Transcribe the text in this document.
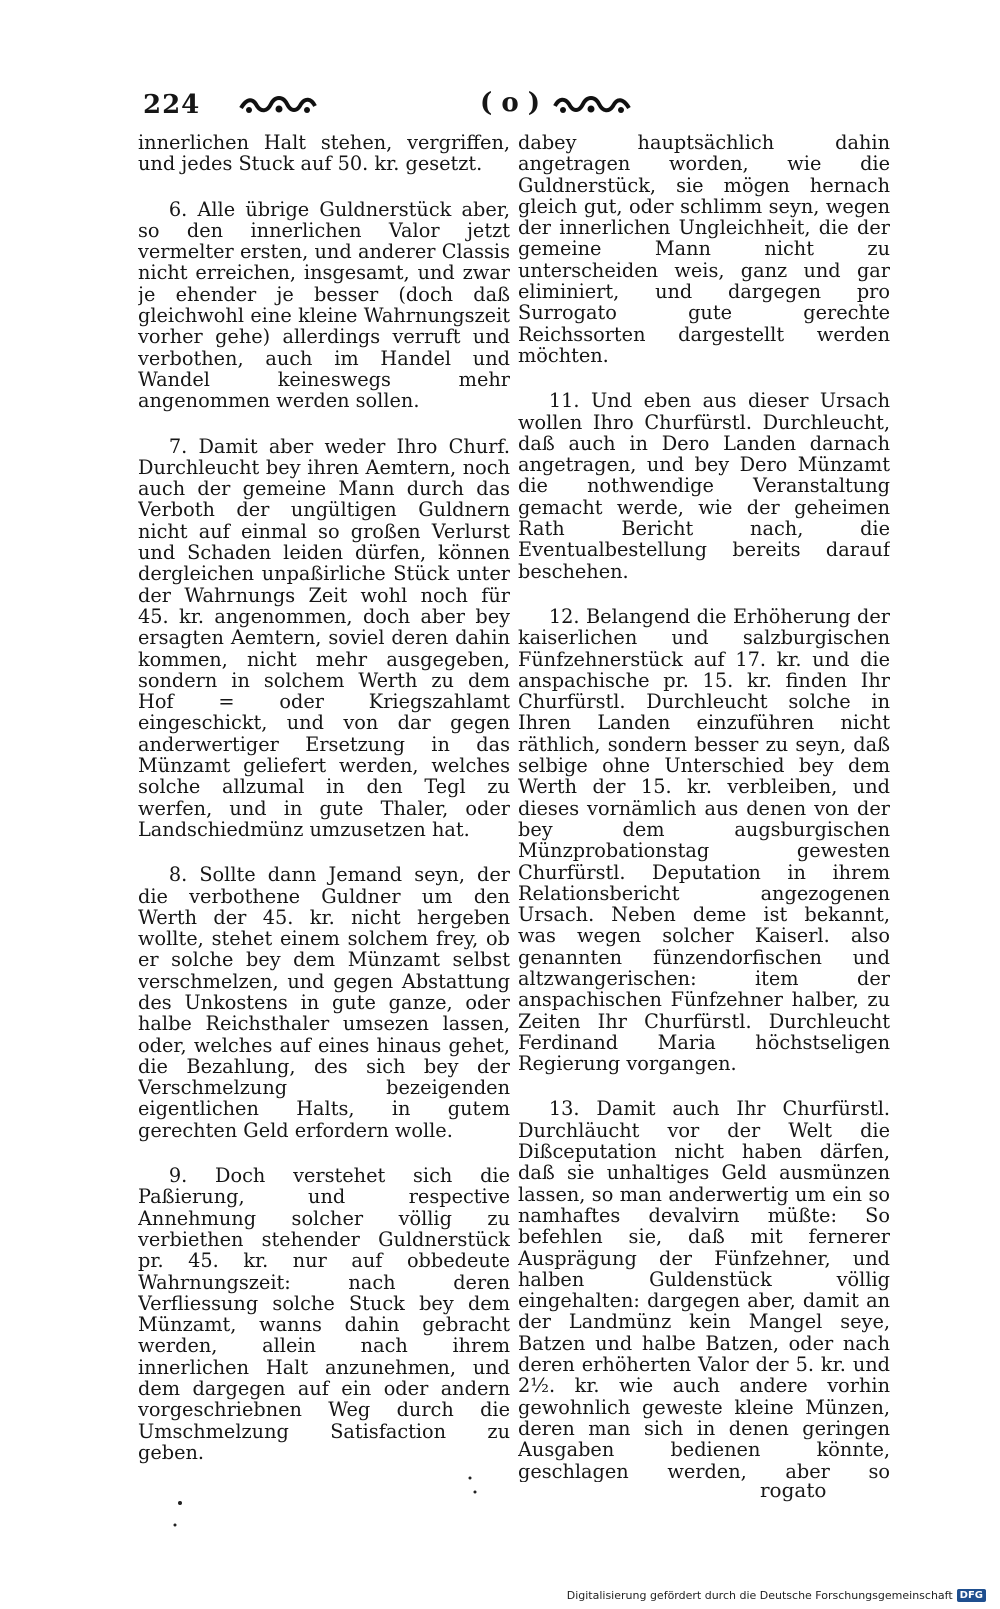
224	( o )

innerlichen Halt stehen, vergriffen, und jedes Stuck auf 50. kr. gesetzt.

6. Alle übrige Guldnerstück aber, so den innerlichen Valor jetzt vermelter ersten, und anderer Classis nicht erreichen, insgesamt, und zwar je ehender je besser (doch daß gleichwohl eine kleine Wahrnungszeit vorher gehe) allerdings verruft und verbothen, auch im Handel und Wandel keineswegs mehr angenommen werden sollen.

7. Damit aber weder Ihro Churf. Durchleucht bey ihren Aemtern, noch auch der gemeine Mann durch das Verboth der ungültigen Guldnern nicht auf einmal so großen Verlurst und Schaden leiden dürfen, können dergleichen unpaßirliche Stück unter der Wahrnungs Zeit wohl noch für 45. kr. angenommen, doch aber bey ersagten Aemtern, soviel deren dahin kommen, nicht mehr ausgegeben, sondern in solchem Werth zu dem Hof = oder Kriegszahlamt eingeschickt, und von dar gegen anderwertiger Ersetzung in das Münzamt geliefert werden, welches solche allzumal in den Tegl zu werfen, und in gute Thaler, oder Landschiedmünz umzusetzen hat.

8. Sollte dann Jemand seyn, der die verbothene Guldner um den Werth der 45. kr. nicht hergeben wollte, stehet einem solchem frey, ob er solche bey dem Münzamt selbst verschmelzen, und gegen Abstattung des Unkostens in gute ganze, oder halbe Reichsthaler umsezen lassen, oder, welches auf eines hinaus gehet, die Bezahlung, des sich bey der Verschmelzung bezeigenden eigentlichen Halts, in gutem gerechten Geld erfordern wolle.

9. Doch verstehet sich die Paßierung, und respective Annehmung solcher völlig zu verbiethen stehender Guldnerstück pr. 45. kr. nur auf obbedeute Wahrnungszeit: nach deren Verfliessung solche Stuck bey dem Münzamt, wanns dahin gebracht werden, allein nach ihrem innerlichen Halt anzunehmen, und dem dargegen auf ein oder andern vorgeschriebnen Weg durch die Umschmelzung Satisfaction zu geben.

dabey hauptsächlich dahin angetragen worden, wie die Guldnerstück, sie mögen hernach gleich gut, oder schlimm seyn, wegen der innerlichen Ungleichheit, die der gemeine Mann nicht zu unterscheiden weis, ganz und gar eliminiert, und dargegen pro Surrogato gute gerechte Reichssorten dargestellt werden möchten.

11. Und eben aus dieser Ursach wollen Ihro Churfürstl. Durchleucht, daß auch in Dero Landen darnach angetragen, und bey Dero Münzamt die nothwendige Veranstaltung gemacht werde, wie der geheimen Rath Bericht nach, die Eventualbestellung bereits darauf beschehen.

12. Belangend die Erhöherung der kaiserlichen und salzburgischen Fünfzehnerstück auf 17. kr. und die anspachische pr. 15. kr. finden Ihr Churfürstl. Durchleucht solche in Ihren Landen einzuführen nicht räthlich, sondern besser zu seyn, daß selbige ohne Unterschied bey dem Werth der 15. kr. verbleiben, und dieses vornämlich aus denen von der bey dem augsburgischen Münzprobationstag gewesten Churfürstl. Deputation in ihrem Relationsbericht angezogenen Ursach. Neben deme ist bekannt, was wegen solcher Kaiserl. also genannten fünzendorfischen und altzwangerischen: item der anspachischen Fünfzehner halber, zu Zeiten Ihr Churfürstl. Durchleucht Ferdinand Maria höchstseligen Regierung vorgangen.

13. Damit auch Ihr Churfürstl. Durchläucht vor der Welt die Dißceputation nicht haben därfen, daß sie unhaltiges Geld ausmünzen lassen, so man anderwertig um ein so namhaftes devalvirn müßte: So befehlen sie, daß mit fernerer Ausprägung der Fünfzehner, und halben Guldenstück völlig eingehalten: dargegen aber, damit an der Landmünz kein Mangel seye, Batzen und halbe Batzen, oder nach deren erhöherten Valor der 5. kr. und 2½. kr. wie auch andere vorhin gewohnlich geweste kleine Münzen, deren man sich in denen geringen Ausgaben bedienen könnte, geschlagen werden, aber so

rogato
Digitalisierung gefördert durch die Deutsche Forschungsgemeinschaft DFG
